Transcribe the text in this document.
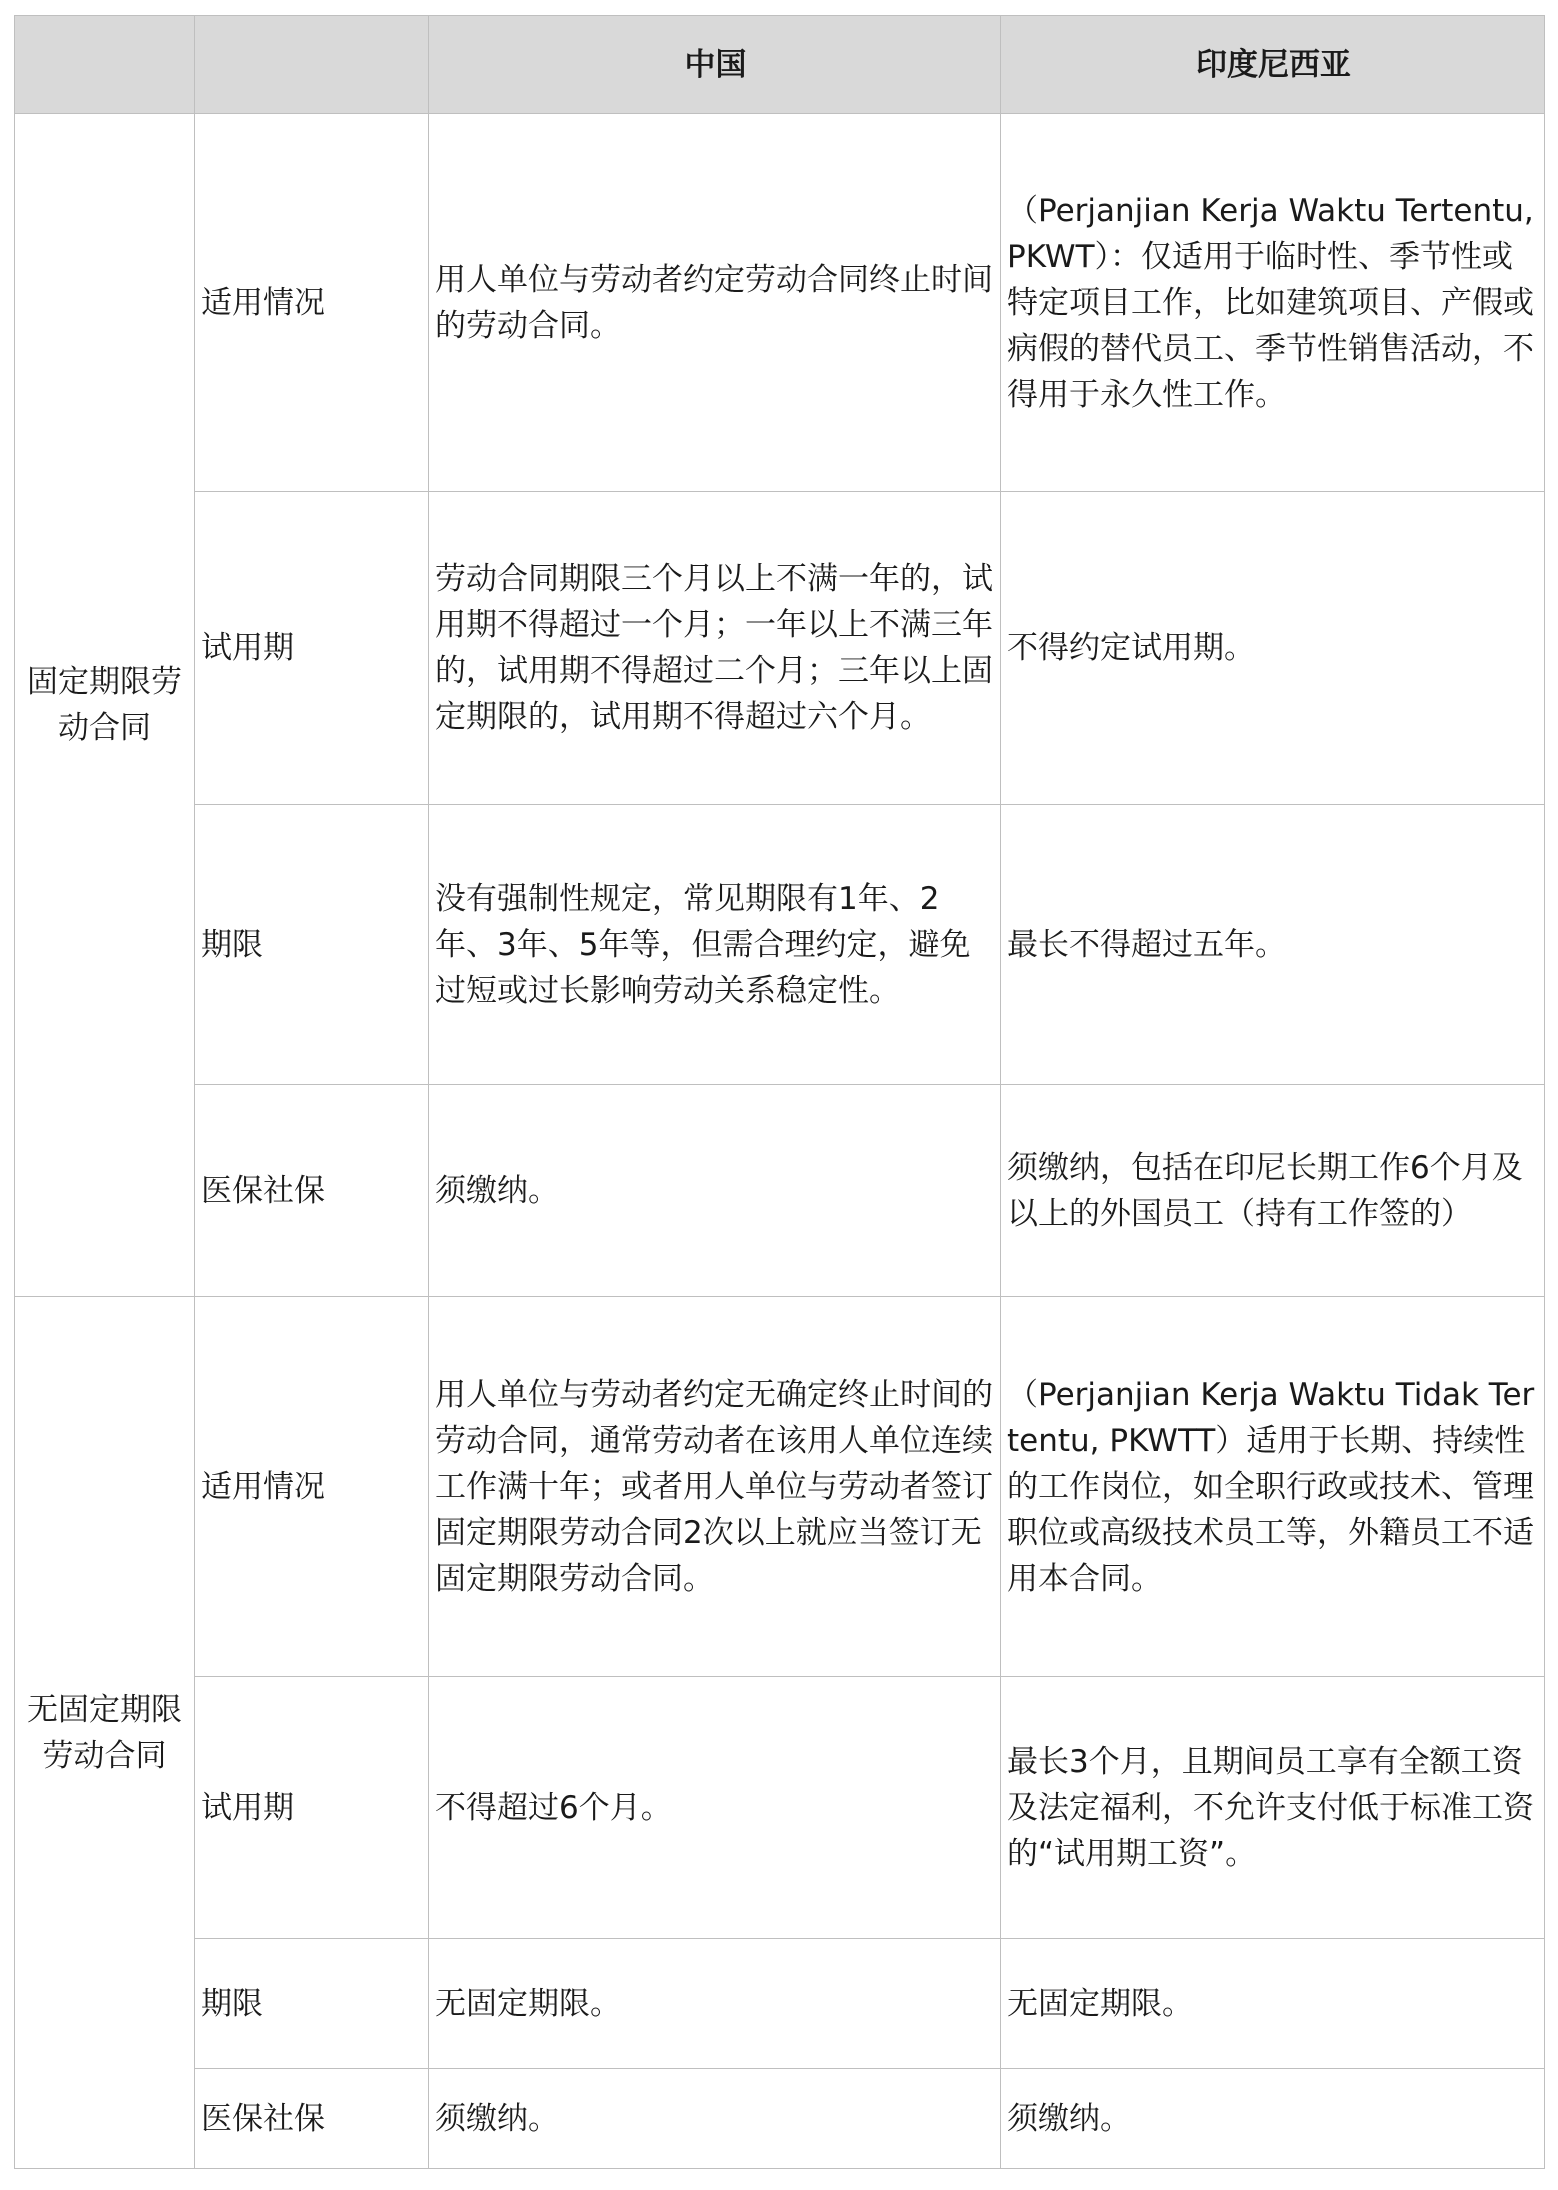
		中国	印度尼西亚
固定期限劳动合同	适用情况	用人单位与劳动者约定劳动合同终止时间的劳动合同。	（Perjanjian Kerja Waktu Tertentu, PKWT）：仅适用于临时性、季节性或特定项目工作，比如建筑项目、产假或病假的替代员工、季节性销售活动，不得用于永久性工作。
	试用期	劳动合同期限三个月以上不满一年的，试用期不得超过一个月；一年以上不满三年的，试用期不得超过二个月；三年以上固定期限的，试用期不得超过六个月。	不得约定试用期。
	期限	没有强制性规定，常见期限有1年、2年、3年、5年等，但需合理约定，避免过短或过长影响劳动关系稳定性。	最长不得超过五年。
	医保社保	须缴纳。	须缴纳，包括在印尼长期工作6个月及以上的外国员工（持有工作签的）
无固定期限劳动合同	适用情况	用人单位与劳动者约定无确定终止时间的劳动合同，通常劳动者在该用人单位连续工作满十年；或者用人单位与劳动者签订固定期限劳动合同2次以上就应当签订无固定期限劳动合同。	（Perjanjian Kerja Waktu Tidak Tertentu, PKWTT）适用于长期、持续性的工作岗位，如全职行政或技术、管理职位或高级技术员工等，外籍员工不适用本合同。
	试用期	不得超过6个月。	最长3个月，且期间员工享有全额工资及法定福利，不允许支付低于标准工资的“试用期工资”。
	期限	无固定期限。	无固定期限。
	医保社保	须缴纳。	须缴纳。
